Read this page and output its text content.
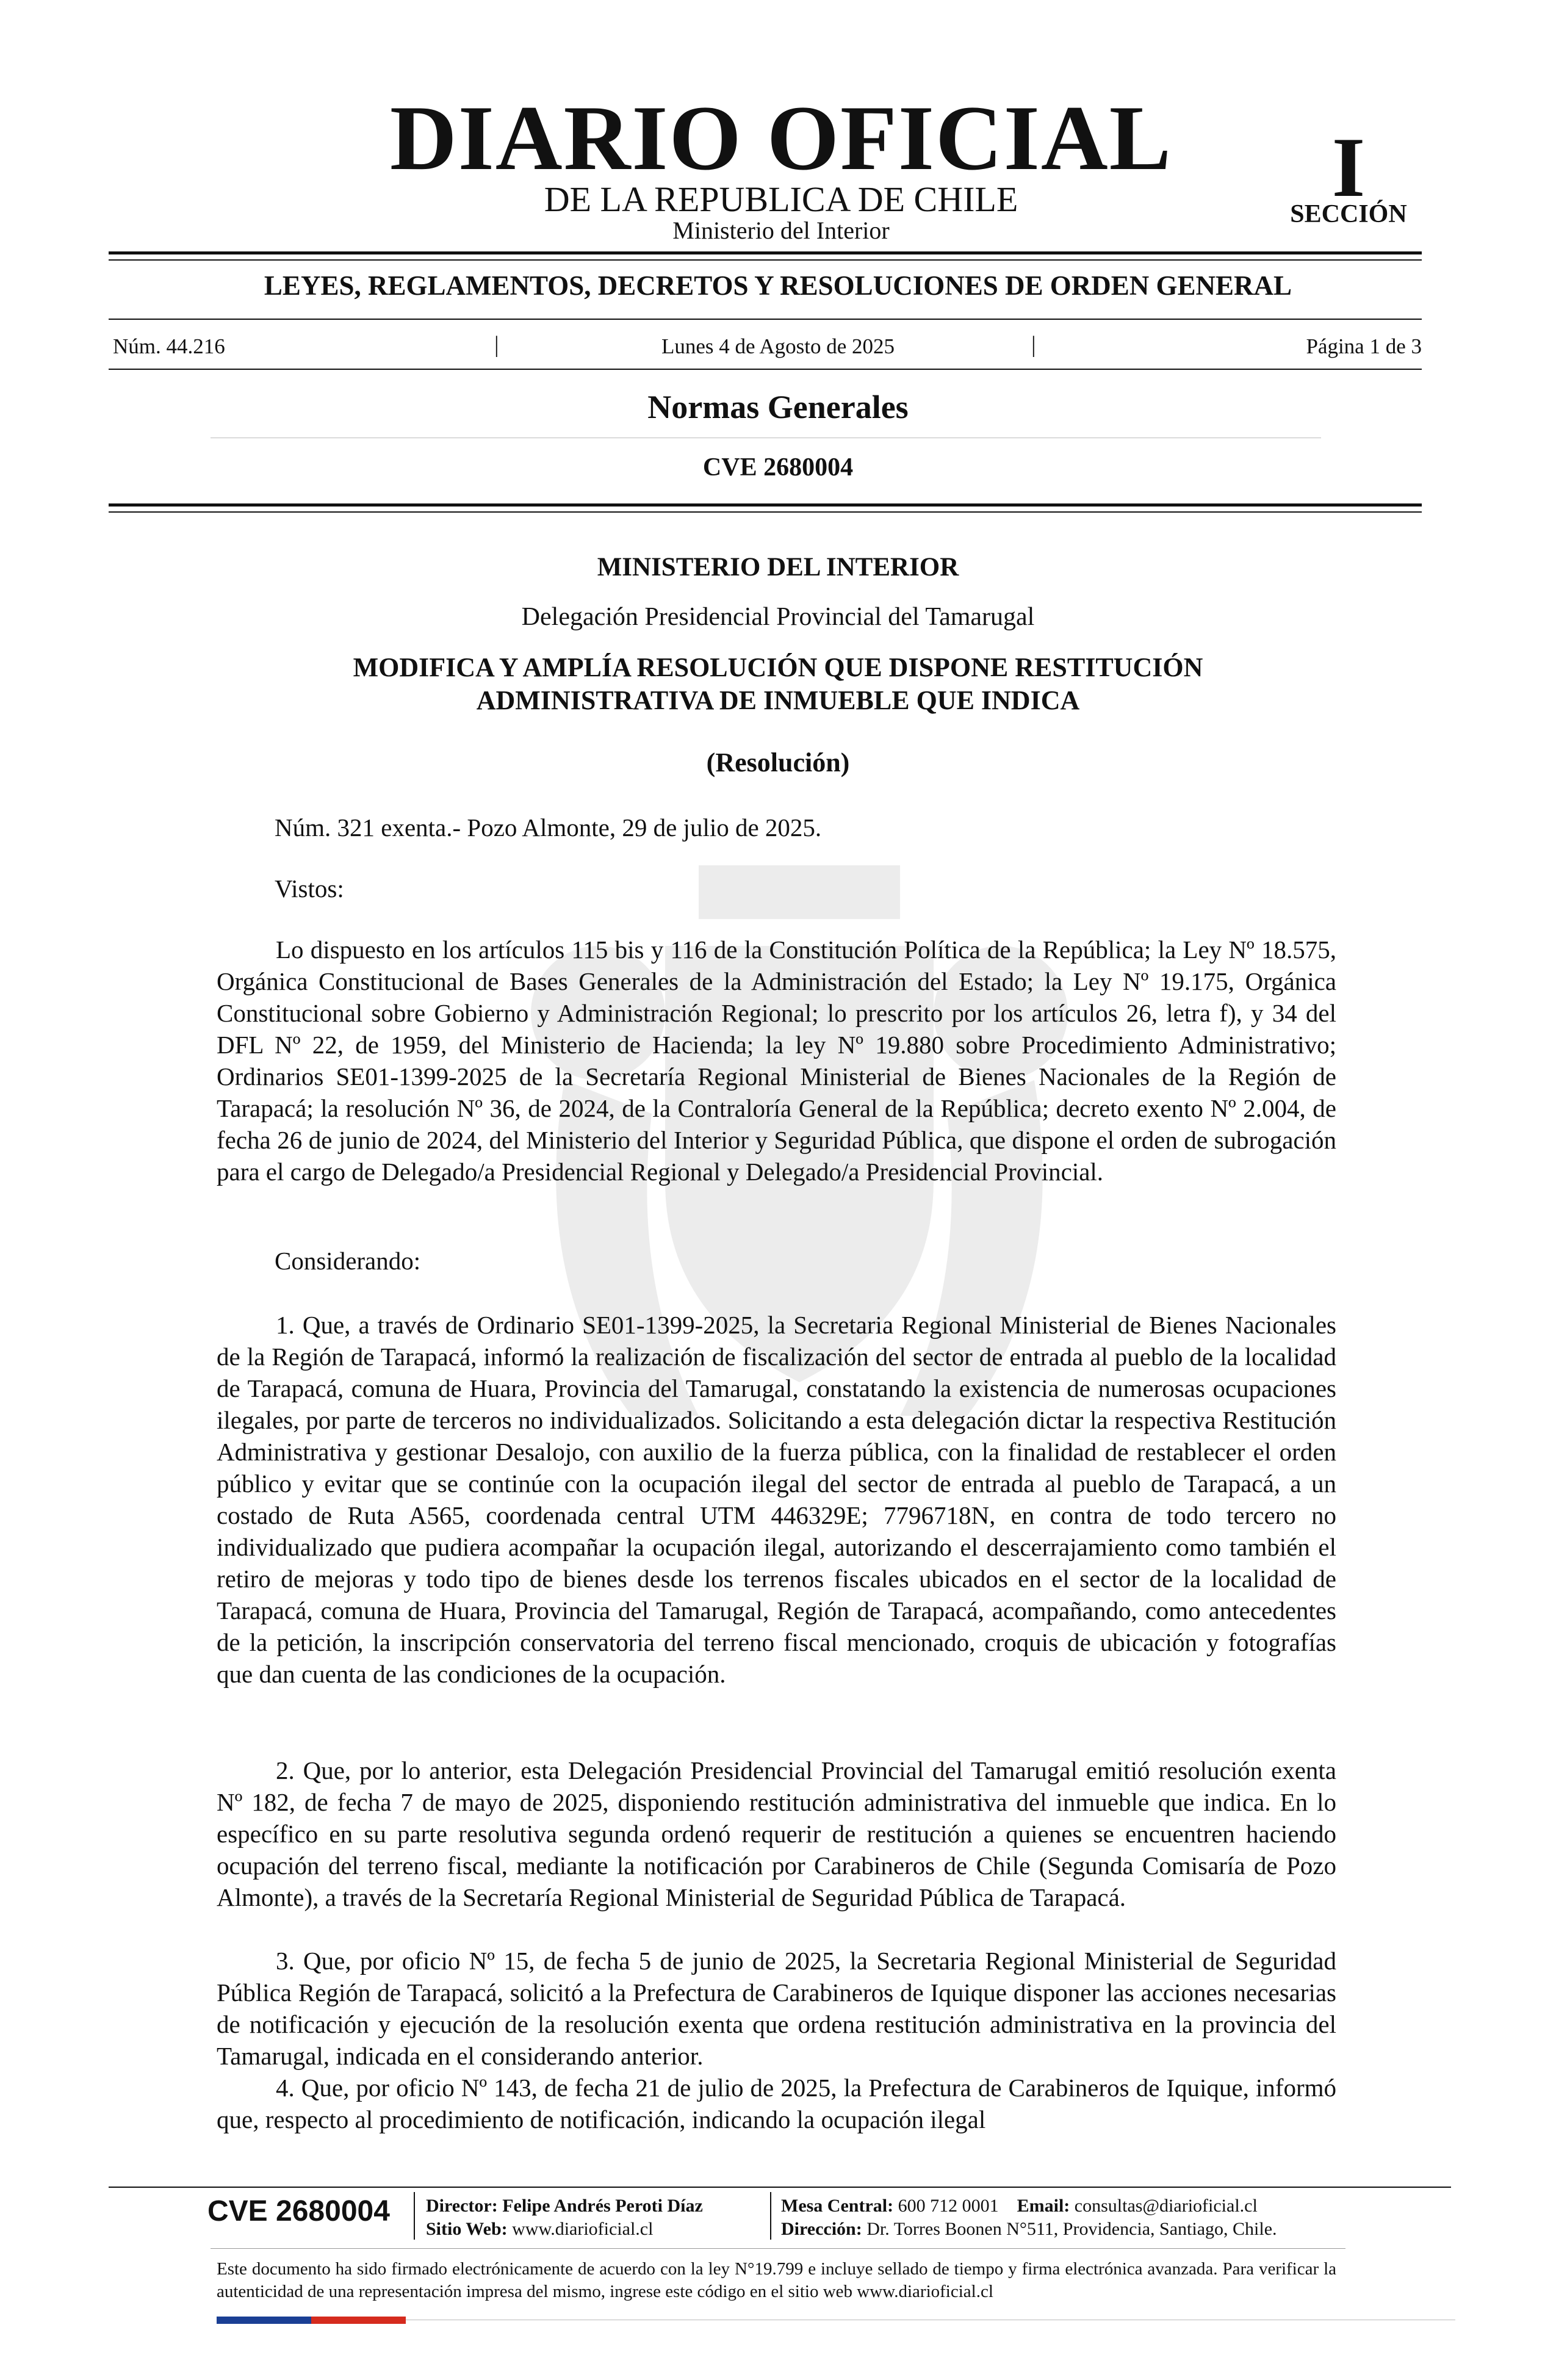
DIARIO OFICIAL
DE LA REPUBLICA DE CHILE
Ministerio del Interior
I
SECCIÓN
LEYES, REGLAMENTOS, DECRETOS Y RESOLUCIONES DE ORDEN GENERAL
Núm. 44.216	|	Lunes 4 de Agosto de 2025	|	Página 1 de 3
Normas Generales
CVE 2680004
MINISTERIO DEL INTERIOR
Delegación Presidencial Provincial del Tamarugal
MODIFICA Y AMPLÍA RESOLUCIÓN QUE DISPONE RESTITUCIÓN
ADMINISTRATIVA DE INMUEBLE QUE INDICA
(Resolución)
Núm. 321 exenta.- Pozo Almonte, 29 de julio de 2025.
Vistos:
Lo dispuesto en los artículos 115 bis y 116 de la Constitución Política de la República; la Ley Nº 18.575, Orgánica Constitucional de Bases Generales de la Administración del Estado; la Ley Nº 19.175, Orgánica Constitucional sobre Gobierno y Administración Regional; lo prescrito por los artículos 26, letra f), y 34 del DFL Nº 22, de 1959, del Ministerio de Hacienda; la ley Nº 19.880 sobre Procedimiento Administrativo; Ordinarios SE01-1399-2025 de la Secretaría Regional Ministerial de Bienes Nacionales de la Región de Tarapacá; la resolución Nº 36, de 2024, de la Contraloría General de la República; decreto exento Nº 2.004, de fecha 26 de junio de 2024, del Ministerio del Interior y Seguridad Pública, que dispone el orden de subrogación para el cargo de Delegado/a Presidencial Regional y Delegado/a Presidencial Provincial.
Considerando:
1. Que, a través de Ordinario SE01-1399-2025, la Secretaria Regional Ministerial de Bienes Nacionales de la Región de Tarapacá, informó la realización de fiscalización del sector de entrada al pueblo de la localidad de Tarapacá, comuna de Huara, Provincia del Tamarugal, constatando la existencia de numerosas ocupaciones ilegales, por parte de terceros no individualizados. Solicitando a esta delegación dictar la respectiva Restitución Administrativa y gestionar Desalojo, con auxilio de la fuerza pública, con la finalidad de restablecer el orden público y evitar que se continúe con la ocupación ilegal del sector de entrada al pueblo de Tarapacá, a un costado de Ruta A565, coordenada central UTM 446329E; 7796718N, en contra de todo tercero no individualizado que pudiera acompañar la ocupación ilegal, autorizando el descerrajamiento como también el retiro de mejoras y todo tipo de bienes desde los terrenos fiscales ubicados en el sector de la localidad de Tarapacá, comuna de Huara, Provincia del Tamarugal, Región de Tarapacá, acompañando, como antecedentes de la petición, la inscripción conservatoria del terreno fiscal mencionado, croquis de ubicación y fotografías que dan cuenta de las condiciones de la ocupación.
2. Que, por lo anterior, esta Delegación Presidencial Provincial del Tamarugal emitió resolución exenta Nº 182, de fecha 7 de mayo de 2025, disponiendo restitución administrativa del inmueble que indica. En lo específico en su parte resolutiva segunda ordenó requerir de restitución a quienes se encuentren haciendo ocupación del terreno fiscal, mediante la notificación por Carabineros de Chile (Segunda Comisaría de Pozo Almonte), a través de la Secretaría Regional Ministerial de Seguridad Pública de Tarapacá.
3. Que, por oficio Nº 15, de fecha 5 de junio de 2025, la Secretaria Regional Ministerial de Seguridad Pública Región de Tarapacá, solicitó a la Prefectura de Carabineros de Iquique disponer las acciones necesarias de notificación y ejecución de la resolución exenta que ordena restitución administrativa en la provincia del Tamarugal, indicada en el considerando anterior.
4. Que, por oficio Nº 143, de fecha 21 de julio de 2025, la Prefectura de Carabineros de Iquique, informó que, respecto al procedimiento de notificación, indicando la ocupación ilegal
CVE 2680004 Director: Felipe Andrés Peroti Díaz
Sitio Web: www.diarioficial.cl
Mesa Central: 600 712 0001 Email: consultas@diarioficial.cl
Dirección: Dr. Torres Boonen N°511, Providencia, Santiago, Chile.
Este documento ha sido firmado electrónicamente de acuerdo con la ley N°19.799 e incluye sellado de tiempo y firma electrónica avanzada. Para verificar la autenticidad de una representación impresa del mismo, ingrese este código en el sitio web www.diarioficial.cl
